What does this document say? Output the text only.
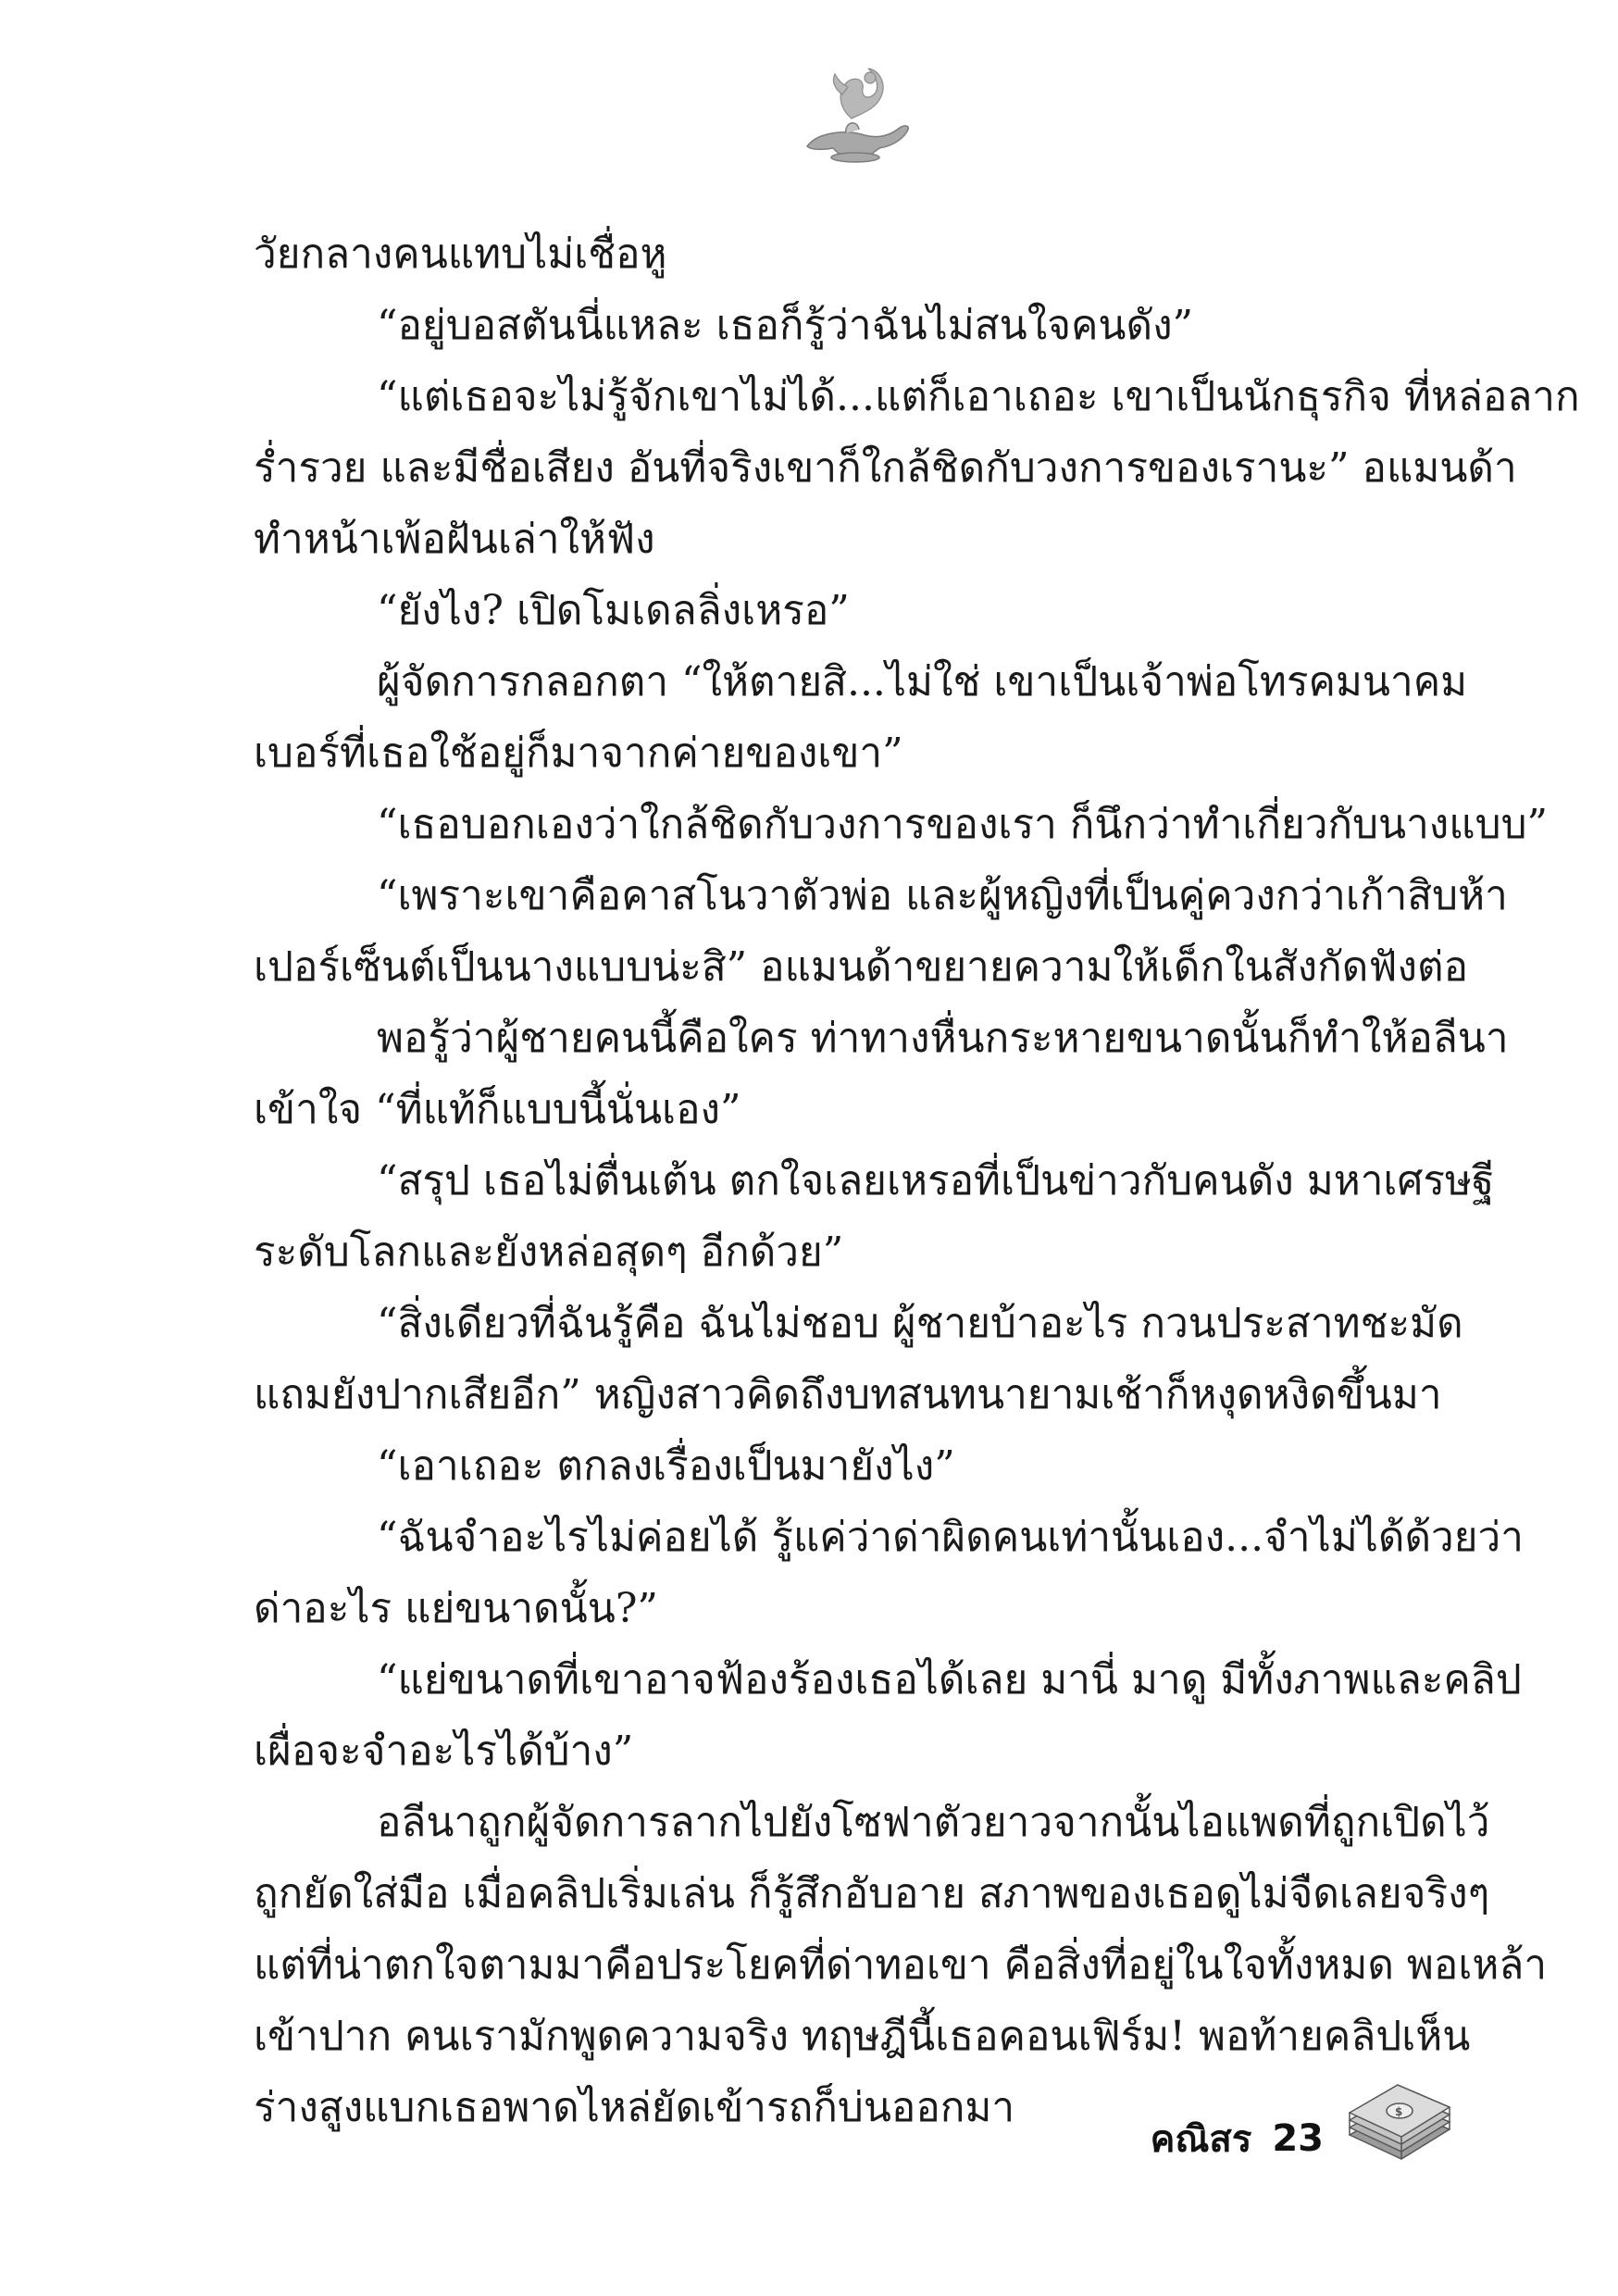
วัยกลางคนแทบไม่เชื่อหู
“อยู่บอสตันนี่แหละ เธอก็รู้ว่าฉันไม่สนใจคนดัง”
“แต่เธอจะไม่รู้จักเขาไม่ได้...แต่ก็เอาเถอะ เขาเป็นนักธุรกิจ ที่หล่อลาก
ร่ำรวย และมีชื่อเสียง อันที่จริงเขาก็ใกล้ชิดกับวงการของเรานะ” อแมนด้า
ทำหน้าเพ้อฝันเล่าให้ฟัง
“ยังไง? เปิดโมเดลลิ่งเหรอ”
ผู้จัดการกลอกตา “ให้ตายสิ...ไม่ใช่ เขาเป็นเจ้าพ่อโทรคมนาคม
เบอร์ที่เธอใช้อยู่ก็มาจากค่ายของเขา”
“เธอบอกเองว่าใกล้ชิดกับวงการของเรา ก็นึกว่าทำเกี่ยวกับนางแบบ”
“เพราะเขาคือคาสโนวาตัวพ่อ และผู้หญิงที่เป็นคู่ควงกว่าเก้าสิบห้า
เปอร์เซ็นต์เป็นนางแบบน่ะสิ” อแมนด้าขยายความให้เด็กในสังกัดฟังต่อ
พอรู้ว่าผู้ชายคนนี้คือใคร ท่าทางหื่นกระหายขนาดนั้นก็ทำให้อลีนา
เข้าใจ “ที่แท้ก็แบบนี้นั่นเอง”
“สรุป เธอไม่ตื่นเต้น ตกใจเลยเหรอที่เป็นข่าวกับคนดัง มหาเศรษฐี
ระดับโลกและยังหล่อสุดๆ อีกด้วย”
“สิ่งเดียวที่ฉันรู้คือ ฉันไม่ชอบ ผู้ชายบ้าอะไร กวนประสาทชะมัด
แถมยังปากเสียอีก” หญิงสาวคิดถึงบทสนทนายามเช้าก็หงุดหงิดขึ้นมา
“เอาเถอะ ตกลงเรื่องเป็นมายังไง”
“ฉันจำอะไรไม่ค่อยได้ รู้แค่ว่าด่าผิดคนเท่านั้นเอง...จำไม่ได้ด้วยว่า
ด่าอะไร แย่ขนาดนั้น?”
“แย่ขนาดที่เขาอาจฟ้องร้องเธอได้เลย มานี่ มาดู มีทั้งภาพและคลิป
เผื่อจะจำอะไรได้บ้าง”
อลีนาถูกผู้จัดการลากไปยังโซฟาตัวยาวจากนั้นไอแพดที่ถูกเปิดไว้
ถูกยัดใส่มือ เมื่อคลิปเริ่มเล่น ก็รู้สึกอับอาย สภาพของเธอดูไม่จืดเลยจริงๆ
แต่ที่น่าตกใจตามมาคือประโยคที่ด่าทอเขา คือสิ่งที่อยู่ในใจทั้งหมด พอเหล้า
เข้าปาก คนเรามักพูดความจริง ทฤษฎีนี้เธอคอนเฟิร์ม! พอท้ายคลิปเห็น
ร่างสูงแบกเธอพาดไหล่ยัดเข้ารถก็บ่นออกมา
คณิสร 23
$
